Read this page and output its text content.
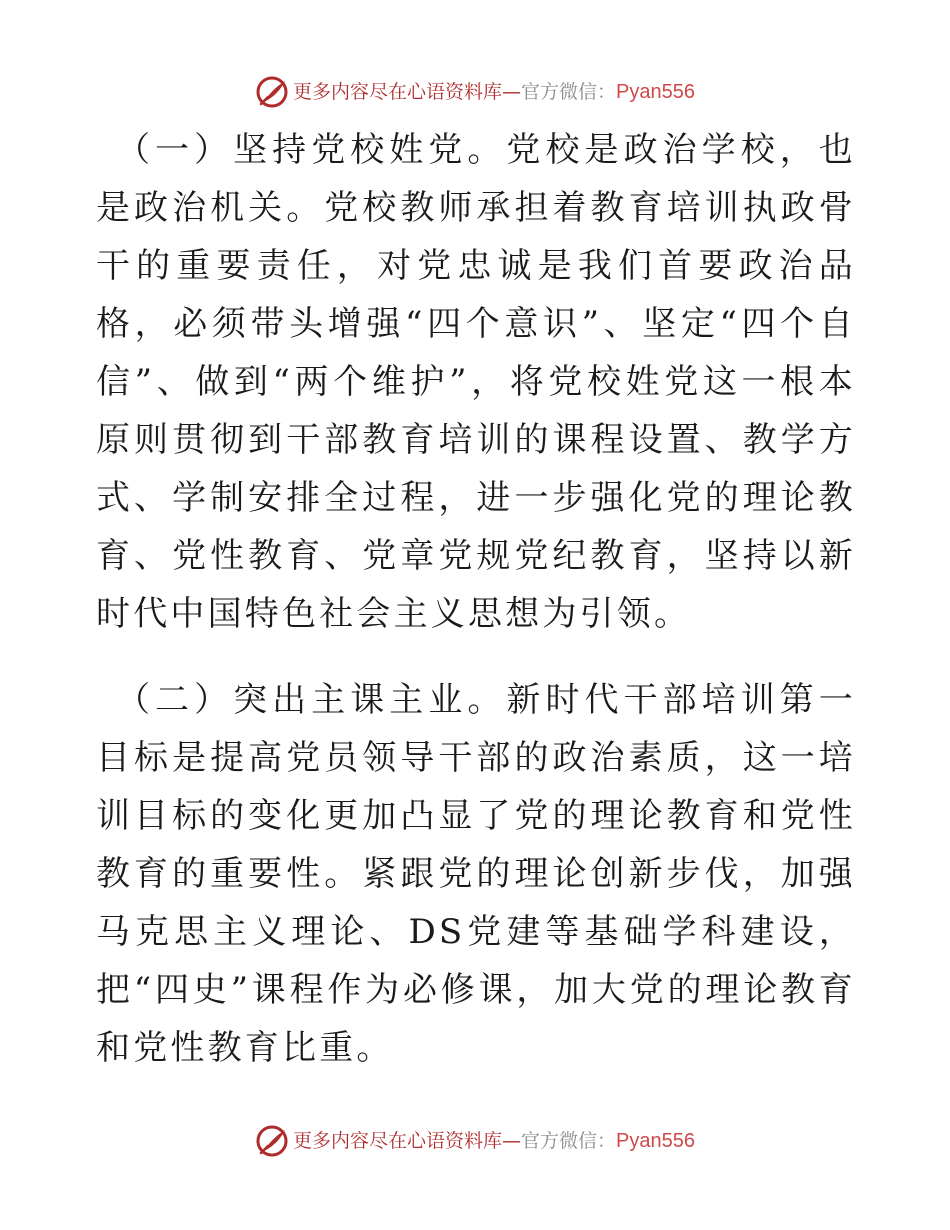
更多内容尽在心语资料库 — 官方微信： Pyan556

（一）坚持党校姓党。党校是政治学校，也是政治机关。党校教师承担着教育培训执政骨干的重要责任，对党忠诚是我们首要政治品格，必须带头增强“四个意识”、坚定“四个自信”、做到“两个维护”，将党校姓党这一根本原则贯彻到干部教育培训的课程设置、教学方式、学制安排全过程，进一步强化党的理论教育、党性教育、党章党规党纪教育，坚持以新时代中国特色社会主义思想为引领。

（二）突出主课主业。新时代干部培训第一目标是提高党员领导干部的政治素质，这一培训目标的变化更加凸显了党的理论教育和党性教育的重要性。紧跟党的理论创新步伐，加强马克思主义理论、DS党建等基础学科建设，把“四史”课程作为必修课，加大党的理论教育和党性教育比重。

更多内容尽在心语资料库 — 官方微信： Pyan556
